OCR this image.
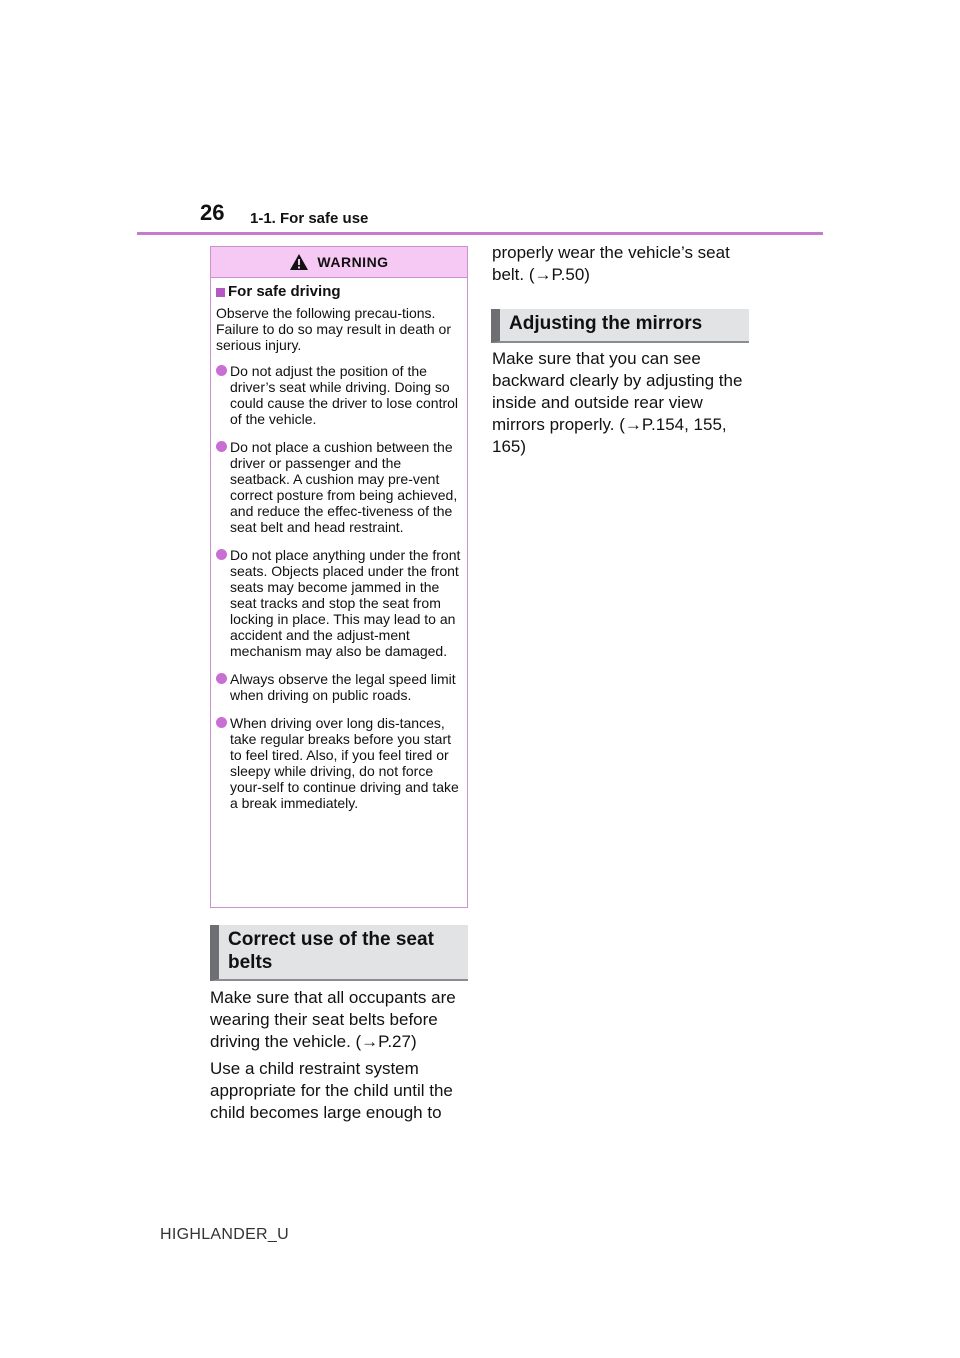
26 1-1. For safe use
WARNING
For safe driving

Observe the following precau-tions. Failure to do so may result in death or serious injury.

Do not adjust the position of the driver’s seat while driving. Doing so could cause the driver to lose control of the vehicle.
Do not place a cushion between the driver or passenger and the seatback. A cushion may pre-vent correct posture from being achieved, and reduce the effec-tiveness of the seat belt and head restraint.
Do not place anything under the front seats. Objects placed under the front seats may become jammed in the seat tracks and stop the seat from locking in place. This may lead to an accident and the adjust-ment mechanism may also be damaged.
Always observe the legal speed limit when driving on public roads.
When driving over long dis-tances, take regular breaks before you start to feel tired. Also, if you feel tired or sleepy while driving, do not force your-self to continue driving and take a break immediately.
Correct use of the seat belts

Make sure that all occupants are wearing their seat belts before driving the vehicle. (→P.27)

Use a child restraint system appropriate for the child until the child becomes large enough to

properly wear the vehicle’s seat belt. (→P.50)

Adjusting the mirrors

Make sure that you can see backward clearly by adjusting the inside and outside rear view mirrors properly. (→P.154, 155, 165)

HIGHLANDER_U
